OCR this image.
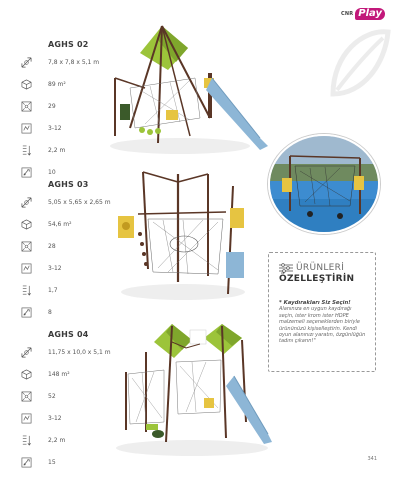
CNR Play
AGHS 02
7,8 x 7,8 x 5,1 m
89 m²
29
3-12
2,2 m
10
AGHS 03
5,05 x 5,65 x 2,65 m
54,6 m²
28
3-12
1,7
8
AGHS 04
11,75 x 10,0 x 5,1 m
148 m²
52
3-12
2,2 m
15
ÜRÜNLERİ
ÖZELLEŞTİRİN
* Kaydırakları Siz Seçin!
Alanınıza en uygun kaydırağı seçin, ister krom ister HDPE malzemeli seçeneklerden biriyle ürününüzü kişiselleştirin. Kendi oyun alanınızı yaratın, özgünlüğün tadını çıkarın!"
341
